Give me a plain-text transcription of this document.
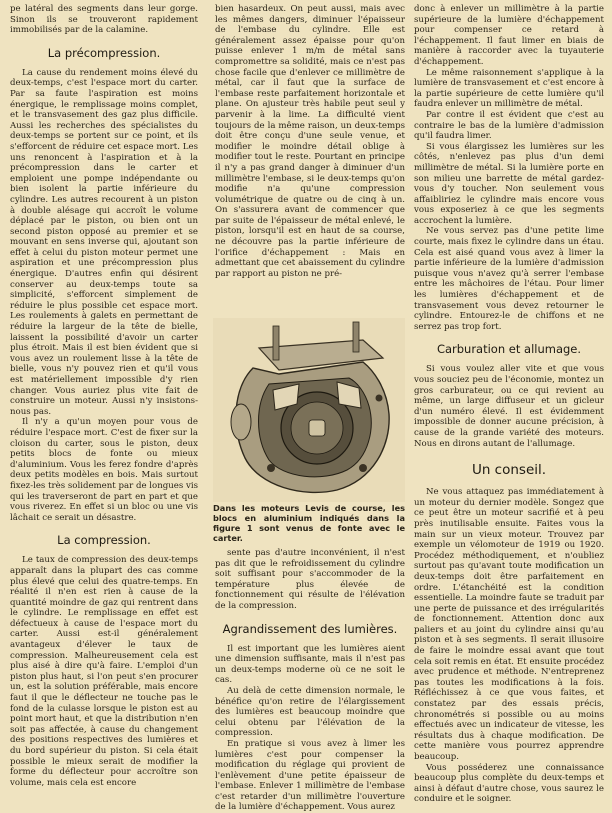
pe latéral des segments dans leur gorge. Sinon ils se trouveront rapidement immobilisés par de la calamine.

La précompression.

La cause du rendement moins élevé du deux-temps, c'est l'espace mort du carter. Par sa faute l'aspiration est moins énergique, le remplissage moins complet, et le transvasement des gaz plus difficile. Aussi les recherches des spécialistes du deux-temps se portent sur ce point, et ils s'efforcent de réduire cet espace mort. Les uns renoncent à l'aspiration et à la précompression dans le carter et emploient une pompe indépendante ou bien isolent la partie inférieure du cylindre. Les autres recourent à un piston à double alésage qui accroît le volume déplacé par le piston, ou bien ont un second piston opposé au premier et se mouvant en sens inverse qui, ajoutant son effet à celui du piston moteur permet une aspiration et une précompression plus énergique. D'autres enfin qui désirent conserver au deux-temps toute sa simplicité, s'efforcent simplement de réduire le plus possible cet espace mort. Les roulements à galets en permettant de réduire la largeur de la tête de bielle, laissent la possibilité d'avoir un carter plus étroit. Mais il est bien évident que si vous avez un roulement lisse à la tête de bielle, vous n'y pouvez rien et qu'il vous est matériellement impossible d'y rien changer. Vous auriez plus vite fait de construire un moteur. Aussi n'y insistons-nous pas.

Il n'y a qu'un moyen pour vous de réduire l'espace mort. C'est de fixer sur la cloison du carter, sous le piston, deux petits blocs de fonte ou mieux d'aluminium. Vous les ferez fondre d'après deux petits modèles en bois. Mais surtout fixez-les très solidement par de longues vis qui les traverseront de part en part et que vous riverez. En effet si un bloc ou une vis lâchait ce serait un désastre.

La compression.

Le taux de compression des deux-temps apparaît dans la plupart des cas comme plus élevé que celui des quatre-temps. En réalité il n'en est rien à cause de la quantité moindre de gaz qui rentrent dans le cylindre. Le remplissage en effet est défectueux à cause de l'espace mort du carter. Aussi est-il généralement avantageux d'élever le taux de compression. Malheureusement cela est plus aisé à dire qu'à faire. L'emploi d'un piston plus haut, si l'on peut s'en procurer un, est la solution préférable, mais encore faut il que le déflecteur ne touche pas le fond de la culasse lorsque le piston est au point mort haut, et que la distribution n'en soit pas affectée, à cause du changement des positions respectives des lumières et du bord supérieur du piston. Si cela était possible le mieux serait de modifier la forme du déflecteur pour accroître son volume, mais cela est encore

bien hasardeux. On peut aussi, mais avec les mêmes dangers, diminuer l'épaisseur de l'embase du cylindre. Elle est généralement assez épaisse pour qu'on puisse enlever 1 m/m de métal sans compromettre sa solidité, mais ce n'est pas chose facile que d'enlever ce millimètre de métal, car il faut que la surface de l'embase reste parfaitement horizontale et plane. On ajusteur très habile peut seul y parvenir à la lime. La difficulté vient toujours de la même raison, un deux-temps doit être conçu d'une seule venue, et modifier le moindre détail oblige à modifier tout le reste. Pourtant en principe il n'y a pas grand danger à diminuer d'un millimètre l'embase, si le deux-temps qu'on modifie n'a qu'une compression volumétrique de quatre ou de cinq à un. On s'assurera avant de commencer que par suite de l'épaisseur de métal enlevé, le piston, lorsqu'il est en haut de sa course, ne découvre pas la partie inférieure de l'orifice d'échappement : Mais en admettant que cet abaissement du cylindre par rapport au piston ne pré-

Dans les moteurs Levis de course, les blocs en aluminium indiqués dans la figure 1 sont venus de fonte avec le carter.

sente pas d'autre inconvénient, il n'est pas dit que le refroidissement du cylindre soit suffisant pour s'accommoder de la température plus élevée de fonctionnement qui résulte de l'élévation de la compression.

Agrandissement des lumières.

Il est important que les lumières aient une dimension suffisante, mais il n'est pas un deux-temps moderne où ce ne soit le cas.

Au delà de cette dimension normale, le bénéfice qu'on retire de l'élargissement des lumières est beaucoup moindre que celui obtenu par l'élévation de la compression.

En pratique si vous avez à limer les lumières c'est pour compenser la modification du réglage qui provient de l'enlèvement d'une petite épaisseur de l'embase. Enlever 1 millimètre de l'embase c'est retarder d'un millimètre l'ouverture de la lumière d'échappement. Vous aurez

donc à enlever un millimètre à la partie supérieure de la lumière d'échappement pour compenser ce retard à l'échappement. Il faut limer en biais de manière à raccorder avec la tuyauterie d'échappement.

Le même raisonnement s'applique à la lumière de transvasement et c'est encore à la partie supérieure de cette lumière qu'il faudra enlever un millimètre de métal.

Par contre il est évident que c'est au contraire le bas de la lumière d'admission qu'il faudra limer.

Si vous élargissez les lumières sur les côtés, n'enlevez pas plus d'un demi millimètre de métal. Si la lumière porte en son milieu une barrette de métal gardez-vous d'y toucher. Non seulement vous affaibliriez le cylindre mais encore vous vous exposeriez à ce que les segments accrochent la lumière.

Ne vous servez pas d'une petite lime courte, mais fixez le cylindre dans un étau. Cela est aisé quand vous avez à limer la partie inférieure de la lumière d'admission puisque vous n'avez qu'à serrer l'embase entre les mâchoires de l'étau. Pour limer les lumières d'échappement et de transvasement vous devez retourner le cylindre. Entourez-le de chiffons et ne serrez pas trop fort.

Carburation et allumage.

Si vous voulez aller vite et que vous vous souciez peu de l'économie, montez un gros carburateur, ou ce qui revient au même, un large diffuseur et un gicleur d'un numéro élevé. Il est évidemment impossible de donner aucune précision, à cause de la grande variété des moteurs. Nous en dirons autant de l'allumage.

Un conseil.

Ne vous attaquez pas immédiatement à un moteur du dernier modèle. Songez que ce peut être un moteur sacrifié et à peu près inutilisable ensuite. Faites vous la main sur un vieux moteur. Trouvez par exemple un vélomoteur de 1919 ou 1920. Procédez méthodiquement, et n'oubliez surtout pas qu'avant toute modification un deux-temps doit être parfaitement en ordre. L'étanchéité est la condition essentielle. La moindre faute se traduit par une perte de puissance et des irrégularités de fonctionnement. Attention donc aux paliers et au joint du cylindre ainsi qu'au piston et à ses segments. Il serait illusoire de faire le moindre essai avant que tout cela soit remis en état. Et ensuite procédez avec prudence et méthode. N'entreprenez pas toutes les modifications à la fois. Réfléchissez à ce que vous faites, et constatez par des essais précis, chronométrés si possible ou au moins effectués avec un indicateur de vitesse, les résultats dus à chaque modification. De cette manière vous pourrez apprendre beaucoup.

Vous posséderez une connaissance beaucoup plus complète du deux-temps et ainsi à défaut d'autre chose, vous saurez le conduire et le soigner.
